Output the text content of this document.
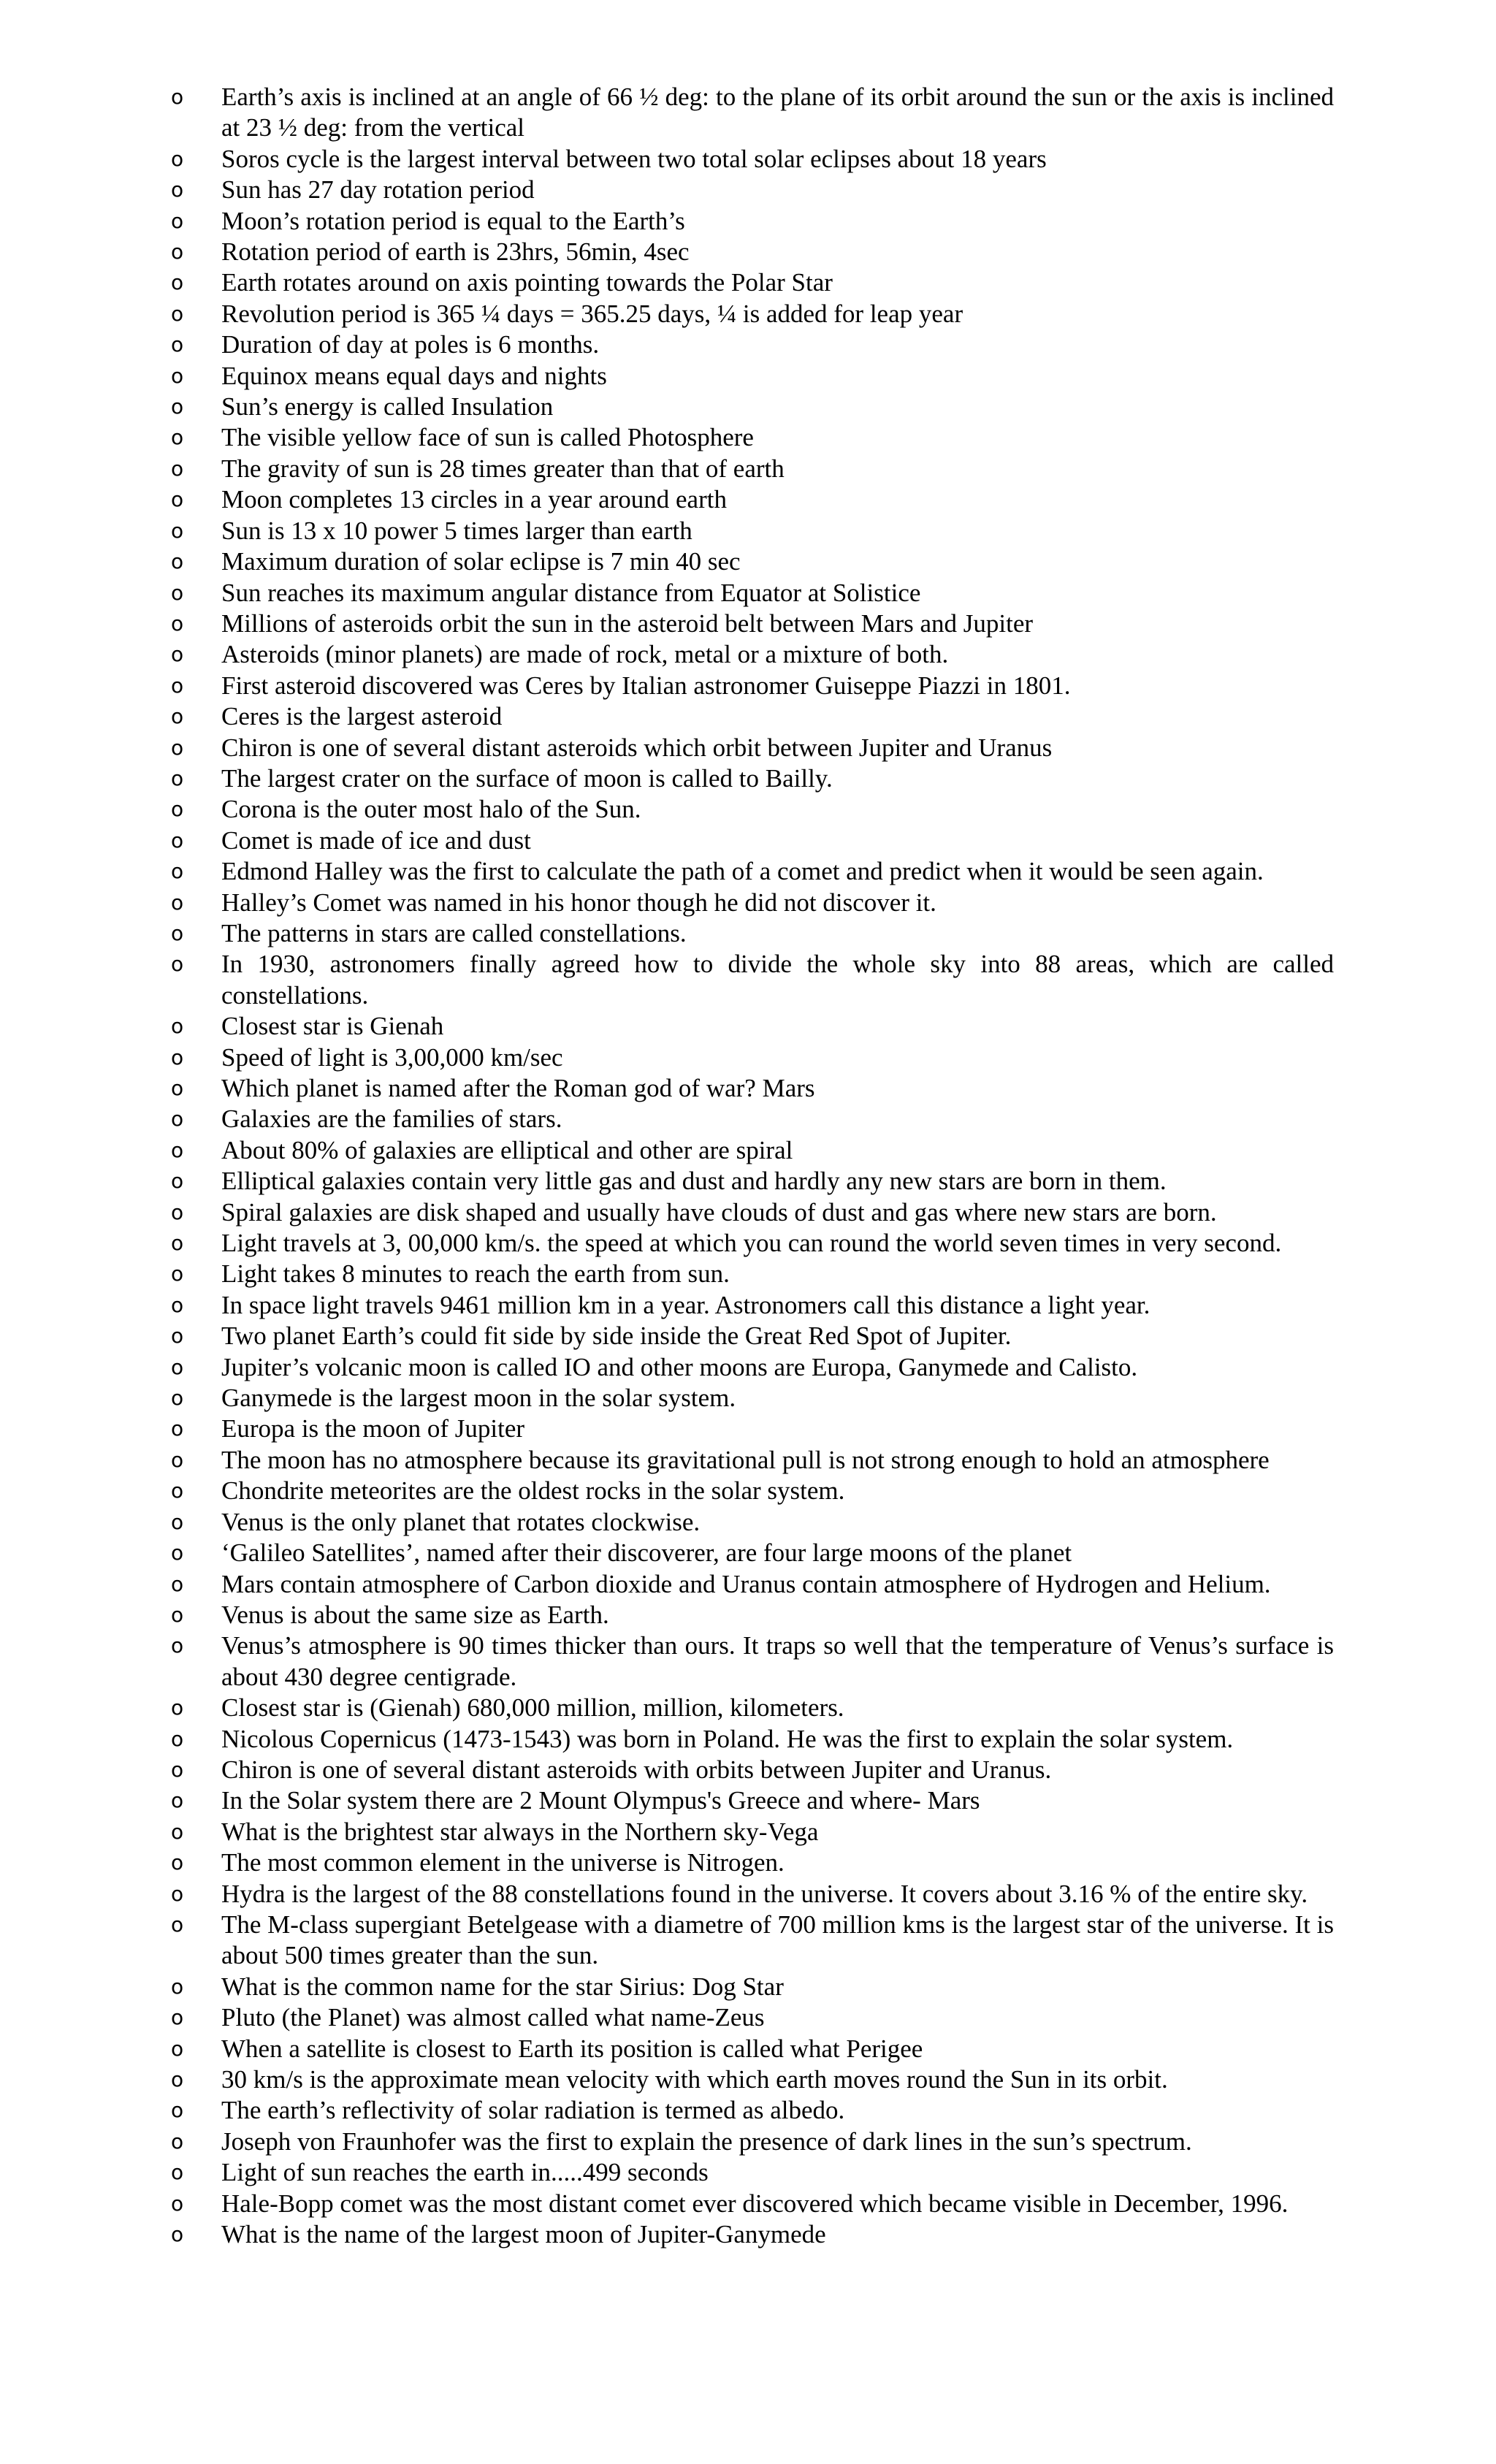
o	Earth’s axis is inclined at an angle of 66 ½ deg: to the plane of its orbit around the sun or the axis is inclined at 23 ½ deg: from the vertical
o	Soros cycle is the largest interval between two total solar eclipses about 18 years
o	Sun has 27 day rotation period
o	Moon’s rotation period is equal to the Earth’s
o	Rotation period of earth is 23hrs, 56min, 4sec
o	Earth rotates around on axis pointing towards the Polar Star
o	Revolution period is 365 ¼ days = 365.25 days, ¼ is added for leap year
o	Duration of day at poles is 6 months.
o	Equinox means equal days and nights
o	Sun’s energy is called Insulation
o	The visible yellow face of sun is called Photosphere
o	The gravity of sun is 28 times greater than that of earth
o	Moon completes 13 circles in a year around earth
o	Sun is 13 x 10 power 5 times larger than earth
o	Maximum duration of solar eclipse is 7 min 40 sec
o	Sun reaches its maximum angular distance from Equator at Solistice
o	Millions of asteroids orbit the sun in the asteroid belt between Mars and Jupiter
o	Asteroids (minor planets) are made of rock, metal or a mixture of both.
o	First asteroid discovered was Ceres by Italian astronomer Guiseppe Piazzi in 1801.
o	Ceres is the largest asteroid
o	Chiron is one of several distant asteroids which orbit between Jupiter and Uranus
o	The largest crater on the surface of moon is called to Bailly.
o	Corona is the outer most halo of the Sun.
o	Comet is made of ice and dust
o	Edmond Halley was the first to calculate the path of a comet and predict when it would be seen again.
o	Halley’s Comet was named in his honor though he did not discover it.
o	The patterns in stars are called constellations.
o	In 1930, astronomers finally agreed how to divide the whole sky into 88 areas, which are called constellations.
o	Closest star is Gienah
o	Speed of light is 3,00,000 km/sec
o	Which planet is named after the Roman god of war? Mars
o	Galaxies are the families of stars.
o	About 80% of galaxies are elliptical and other are spiral
o	Elliptical galaxies contain very little gas and dust and hardly any new stars are born in them.
o	Spiral galaxies are disk shaped and usually have clouds of dust and gas where new stars are born.
o	Light travels at 3, 00,000 km/s. the speed at which you can round the world seven times in very second.
o	Light takes 8 minutes to reach the earth from sun.
o	In space light travels 9461 million km in a year. Astronomers call this distance a light year.
o	Two planet Earth’s could fit side by side inside the Great Red Spot of Jupiter.
o	Jupiter’s volcanic moon is called IO and other moons are Europa, Ganymede and Calisto.
o	Ganymede is the largest moon in the solar system.
o	Europa is the moon of Jupiter
o	The moon has no atmosphere because its gravitational pull is not strong enough to hold an atmosphere
o	Chondrite meteorites are the oldest rocks in the solar system.
o	Venus is the only planet that rotates clockwise.
o	‘Galileo Satellites’, named after their discoverer, are four large moons of the planet
o	Mars contain atmosphere of Carbon dioxide and Uranus contain atmosphere of Hydrogen and Helium.
o	Venus is about the same size as Earth.
o	Venus’s atmosphere is 90 times thicker than ours. It traps so well that the temperature of Venus’s surface is about 430 degree centigrade.
o	Closest star is (Gienah) 680,000 million, million, kilometers.
o	Nicolous Copernicus (1473-1543) was born in Poland. He was the first to explain the solar system.
o	Chiron is one of several distant asteroids with orbits between Jupiter and Uranus.
o	In the Solar system there are 2 Mount Olympus's Greece and where- Mars
o	What is the brightest star always in the Northern sky-Vega
o	The most common element in the universe is Nitrogen.
o	Hydra is the largest of the 88 constellations found in the universe. It covers about 3.16 % of the entire sky.
o	The M-class supergiant Betelgease with a diametre of 700 million kms is the largest star of the universe. It is about 500 times greater than the sun.
o	What is the common name for the star Sirius: Dog Star
o	Pluto (the Planet) was almost called what name-Zeus
o	When a satellite is closest to Earth its position is called what Perigee
o	30 km/s is the approximate mean velocity with which earth moves round the Sun in its orbit.
o	The earth’s reflectivity of solar radiation is termed as albedo.
o	Joseph von Fraunhofer was the first to explain the presence of dark lines in the sun’s spectrum.
o	Light of sun reaches the earth in.....499 seconds
o	Hale-Bopp comet was the most distant comet ever discovered which became visible in December, 1996.
o	What is the name of the largest moon of Jupiter-Ganymede
